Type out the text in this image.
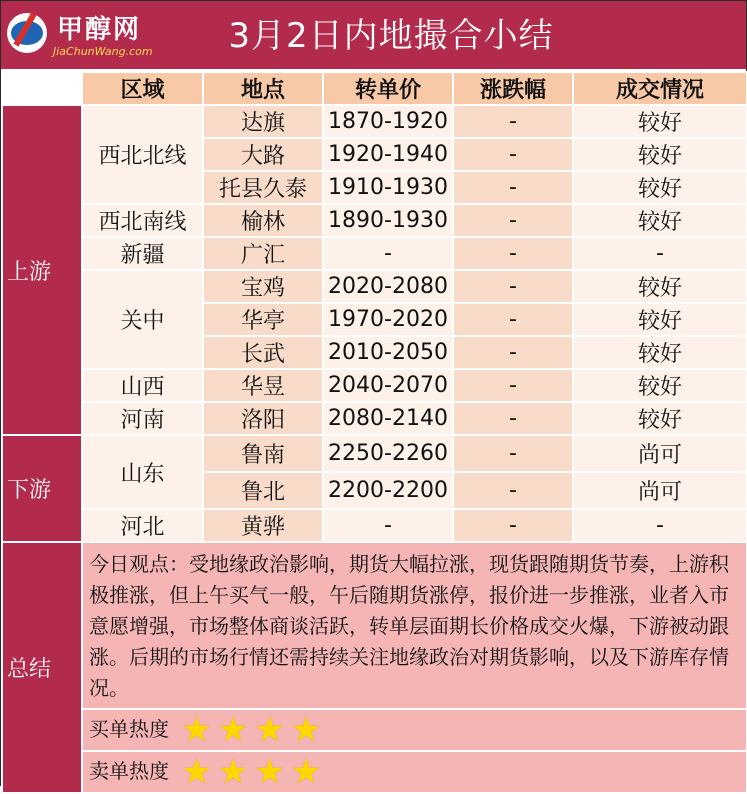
甲醇网
JiaChunWang.com	3月2日内地撮合小结
	区域	地点	转单价	涨跌幅	成交情况
上游	西北北线	达旗	1870-1920	-	较好
		大路	1920-1940	-	较好
		托县久泰	1910-1930	-	较好
	西北南线	榆林	1890-1930	-	较好
	新疆	广汇	-	-	-
	关中	宝鸡	2020-2080	-	较好
		华亭	1970-2020	-	较好
		长武	2010-2050	-	较好
	山西	华昱	2040-2070	-	较好
	河南	洛阳	2080-2140	-	较好
下游	山东	鲁南	2250-2260	-	尚可
		鲁北	2200-2200	-	尚可
	河北	黄骅	-	-	-
总结	今日观点：受地缘政治影响，期货大幅拉涨，现货跟随期货节奏，上游积极推涨，但上午买气一般，午后随期货涨停，报价进一步推涨，业者入市意愿增强，市场整体商谈活跃，转单层面期长价格成交火爆，下游被动跟涨。后期的市场行情还需持续关注地缘政治对期货影响，以及下游库存情况。				
	买单热度 ★ ★ ★ ★				
	卖单热度 ★ ★ ★ ★				
